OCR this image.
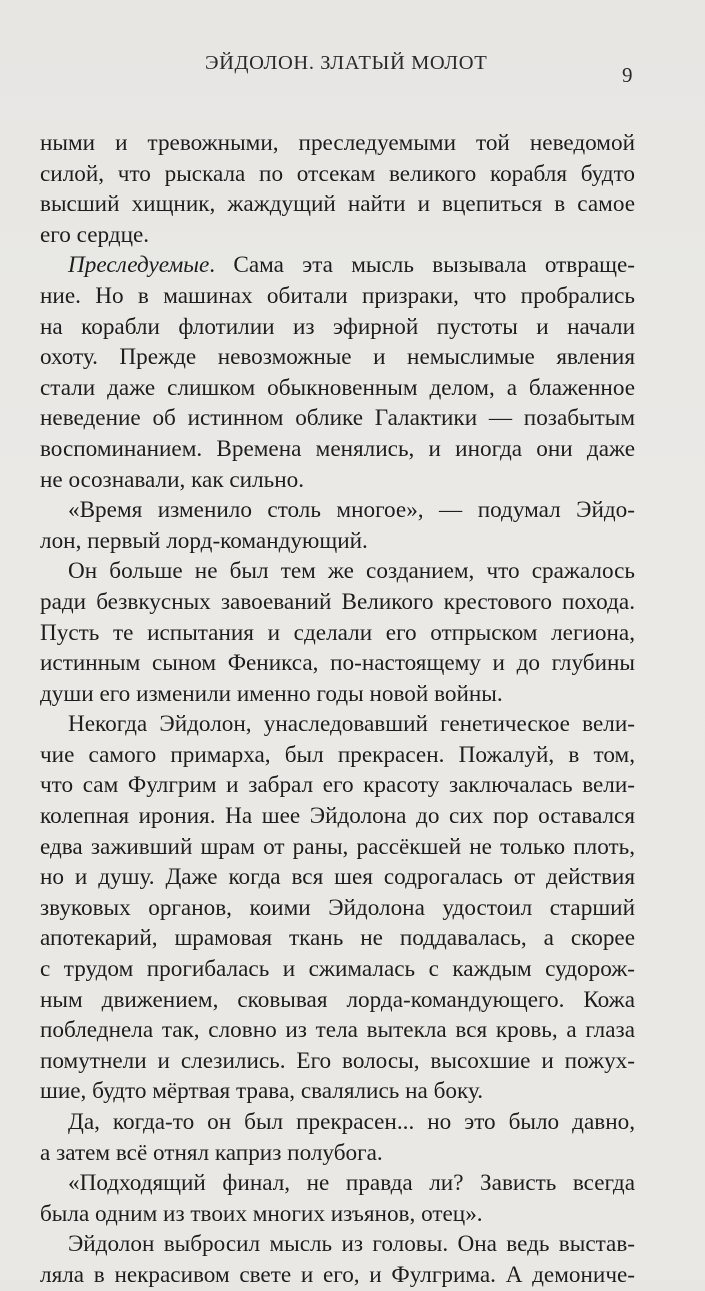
ЭЙДОЛОН. ЗЛАТЫЙ МОЛОТ	9
ными и тревожными, преследуемыми той неведомой
силой, что рыскала по отсекам великого корабля будто
высший хищник, жаждущий найти и вцепиться в самое
его сердце.
Преследуемые. Сама эта мысль вызывала отвраще-
ние. Но в машинах обитали призраки, что пробрались
на корабли флотилии из эфирной пустоты и начали
охоту. Прежде невозможные и немыслимые явления
стали даже слишком обыкновенным делом, а блаженное
неведение об истинном облике Галактики — позабытым
воспоминанием. Времена менялись, и иногда они даже
не осознавали, как сильно.
«Время изменило столь многое», — подумал Эйдо-
лон, первый лорд-командующий.
Он больше не был тем же созданием, что сражалось
ради безвкусных завоеваний Великого крестового похода.
Пусть те испытания и сделали его отпрыском легиона,
истинным сыном Феникса, по-настоящему и до глубины
души его изменили именно годы новой войны.
Некогда Эйдолон, унаследовавший генетическое вели-
чие самого примарха, был прекрасен. Пожалуй, в том,
что сам Фулгрим и забрал его красоту заключалась вели-
колепная ирония. На шее Эйдолона до сих пор оставался
едва заживший шрам от раны, рассёкшей не только плоть,
но и душу. Даже когда вся шея содрогалась от действия
звуковых органов, коими Эйдолона удостоил старший
апотекарий, шрамовая ткань не поддавалась, а скорее
с трудом прогибалась и сжималась с каждым судорож-
ным движением, сковывая лорда-командующего. Кожа
побледнела так, словно из тела вытекла вся кровь, а глаза
помутнели и слезились. Его волосы, высохшие и пожух-
шие, будто мёртвая трава, свалялись на боку.
Да, когда-то он был прекрасен... но это было давно,
а затем всё отнял каприз полубога.
«Подходящий финал, не правда ли? Зависть всегда
была одним из твоих многих изъянов, отец».
Эйдолон выбросил мысль из головы. Она ведь выстав-
ляла в некрасивом свете и его, и Фулгрима. А демониче-
